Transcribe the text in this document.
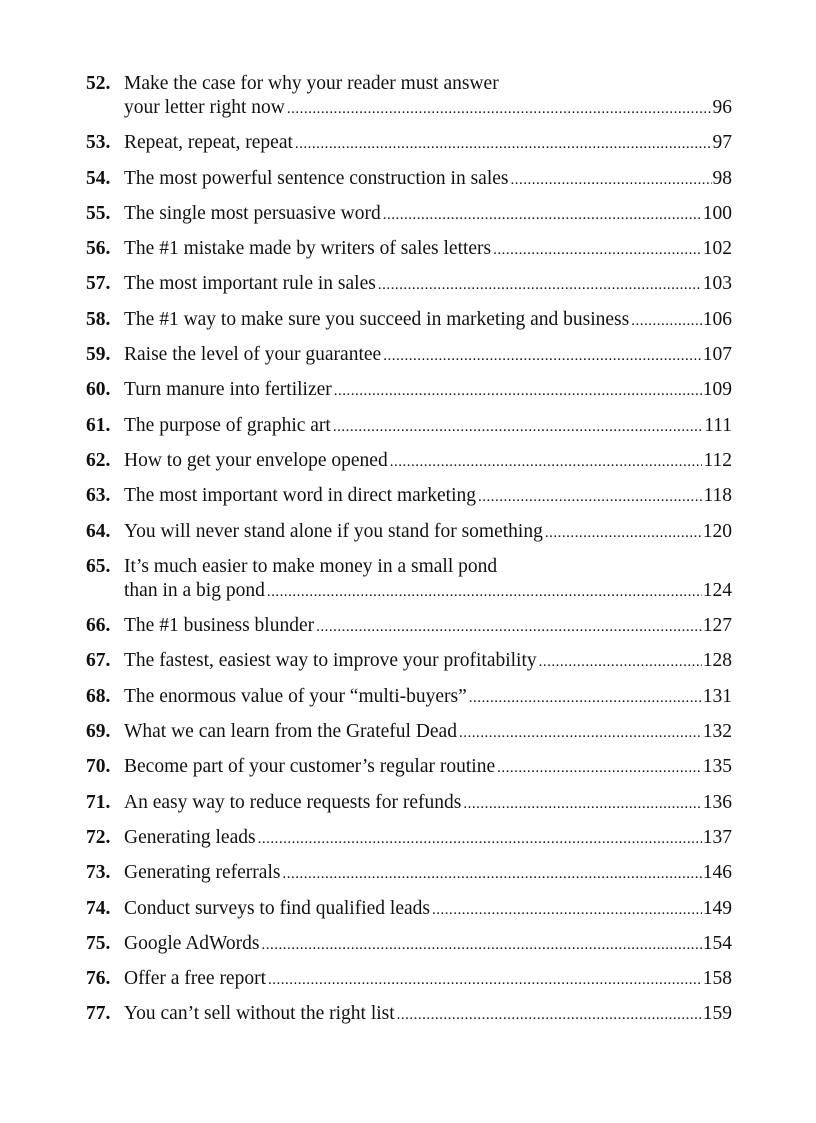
52. Make the case for why your reader must answer
your letter right now .....	96
53. Repeat, repeat, repeat .....	97
54. The most powerful sentence construction in sales .....	98
55. The single most persuasive word .....	100
56. The #1 mistake made by writers of sales letters .....	102
57. The most important rule in sales .....	103
58. The #1 way to make sure you succeed in marketing and business .....	106
59. Raise the level of your guarantee .....	107
60. Turn manure into fertilizer .....	109
61. The purpose of graphic art .....	111
62. How to get your envelope opened .....	112
63. The most important word in direct marketing .....	118
64. You will never stand alone if you stand for something .....	120
65. It’s much easier to make money in a small pond
than in a big pond .....	124
66. The #1 business blunder .....	127
67. The fastest, easiest way to improve your profitability .....	128
68. The enormous value of your “multi-buyers” .....	131
69. What we can learn from the Grateful Dead .....	132
70. Become part of your customer’s regular routine .....	135
71. An easy way to reduce requests for refunds .....	136
72. Generating leads .....	137
73. Generating referrals .....	146
74. Conduct surveys to find qualified leads .....	149
75. Google AdWords .....	154
76. Offer a free report .....	158
77. You can’t sell without the right list .....	159
